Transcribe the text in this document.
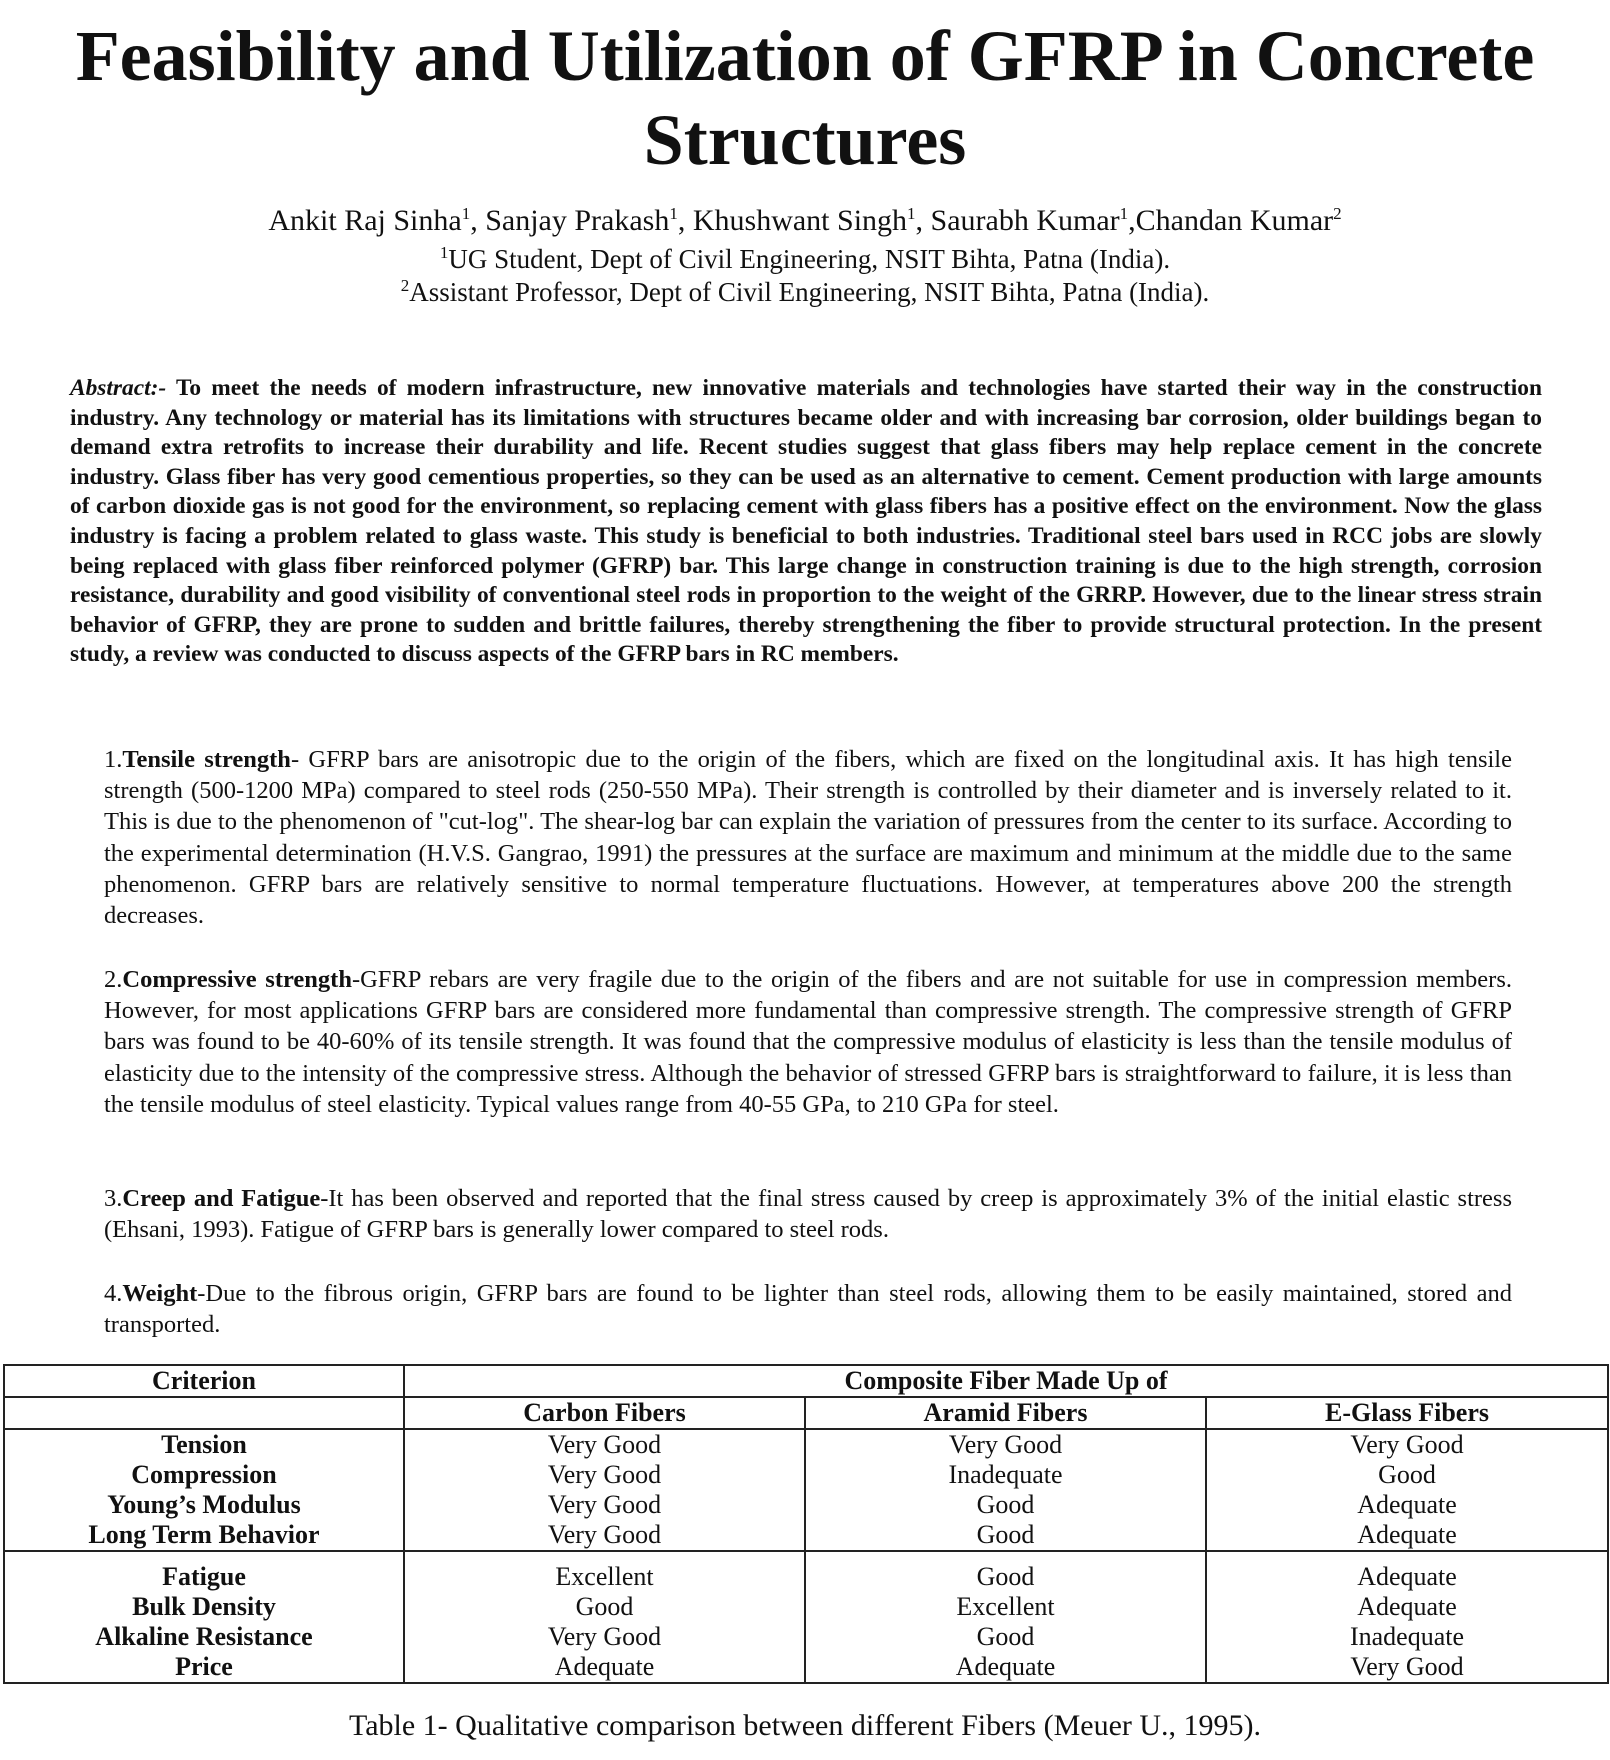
Feasibility and Utilization of GFRP in Concrete Structures
Ankit Raj Sinha$^1$, Sanjay Prakash$^1$, Khushwant Singh$^1$, Saurabh Kumar$^1$,Chandan Kumar$^2$
$^1$UG Student, Dept of Civil Engineering, NSIT Bihta, Patna (India).
$^2$Assistant Professor, Dept of Civil Engineering, NSIT Bihta, Patna (India).
Abstract:- To meet the needs of modern infrastructure, new innovative materials and technologies have started their way in the construction industry. Any technology or material has its limitations with structures became older and with increasing bar corrosion, older buildings began to demand extra retrofits to increase their durability and life. Recent studies suggest that glass fibers may help replace cement in the concrete industry. Glass fiber has very good cementious properties, so they can be used as an alternative to cement. Cement production with large amounts of carbon dioxide gas is not good for the environment, so replacing cement with glass fibers has a positive effect on the environment. Now the glass industry is facing a problem related to glass waste. This study is beneficial to both industries. Traditional steel bars used in RCC jobs are slowly being replaced with glass fiber reinforced polymer (GFRP) bar. This large change in construction training is due to the high strength, corrosion resistance, durability and good visibility of conventional steel rods in proportion to the weight of the GRRP. However, due to the linear stress strain behavior of GFRP, they are prone to sudden and brittle failures, thereby strengthening the fiber to provide structural protection. In the present study, a review was conducted to discuss aspects of the GFRP bars in RC members.
1.Tensile strength- GFRP bars are anisotropic due to the origin of the fibers, which are fixed on the longitudinal axis. It has high tensile strength (500-1200 MPa) compared to steel rods (250-550 MPa). Their strength is controlled by their diameter and is inversely related to it. This is due to the phenomenon of "cut-log". The shear-log bar can explain the variation of pressures from the center to its surface. According to the experimental determination (H.V.S. Gangrao, 1991) the pressures at the surface are maximum and minimum at the middle due to the same phenomenon. GFRP bars are relatively sensitive to normal temperature fluctuations. However, at temperatures above 200 the strength decreases.
2.Compressive strength-GFRP rebars are very fragile due to the origin of the fibers and are not suitable for use in compression members. However, for most applications GFRP bars are considered more fundamental than compressive strength. The compressive strength of GFRP bars was found to be 40-60% of its tensile strength. It was found that the compressive modulus of elasticity is less than the tensile modulus of elasticity due to the intensity of the compressive stress. Although the behavior of stressed GFRP bars is straightforward to failure, it is less than the tensile modulus of steel elasticity. Typical values range from 40-55 GPa, to 210 GPa for steel.
3.Creep and Fatigue-It has been observed and reported that the final stress caused by creep is approximately 3% of the initial elastic stress (Ehsani, 1993). Fatigue of GFRP bars is generally lower compared to steel rods.
4.Weight-Due to the fibrous origin, GFRP bars are found to be lighter than steel rods, allowing them to be easily maintained, stored and transported.
Criterion	Composite Fiber Made Up of		
	Carbon Fibers	Aramid Fibers	E-Glass Fibers
Tension	Very Good	Very Good	Very Good
Compression	Very Good	Inadequate	Good
Young’s Modulus	Very Good	Good	Adequate
Long Term Behavior	Very Good	Good	Adequate
Fatigue	Excellent	Good	Adequate
Bulk Density	Good	Excellent	Adequate
Alkaline Resistance	Very Good	Good	Inadequate
Price	Adequate	Adequate	Very Good
Table 1- Qualitative comparison between different Fibers (Meuer U., 1995).
